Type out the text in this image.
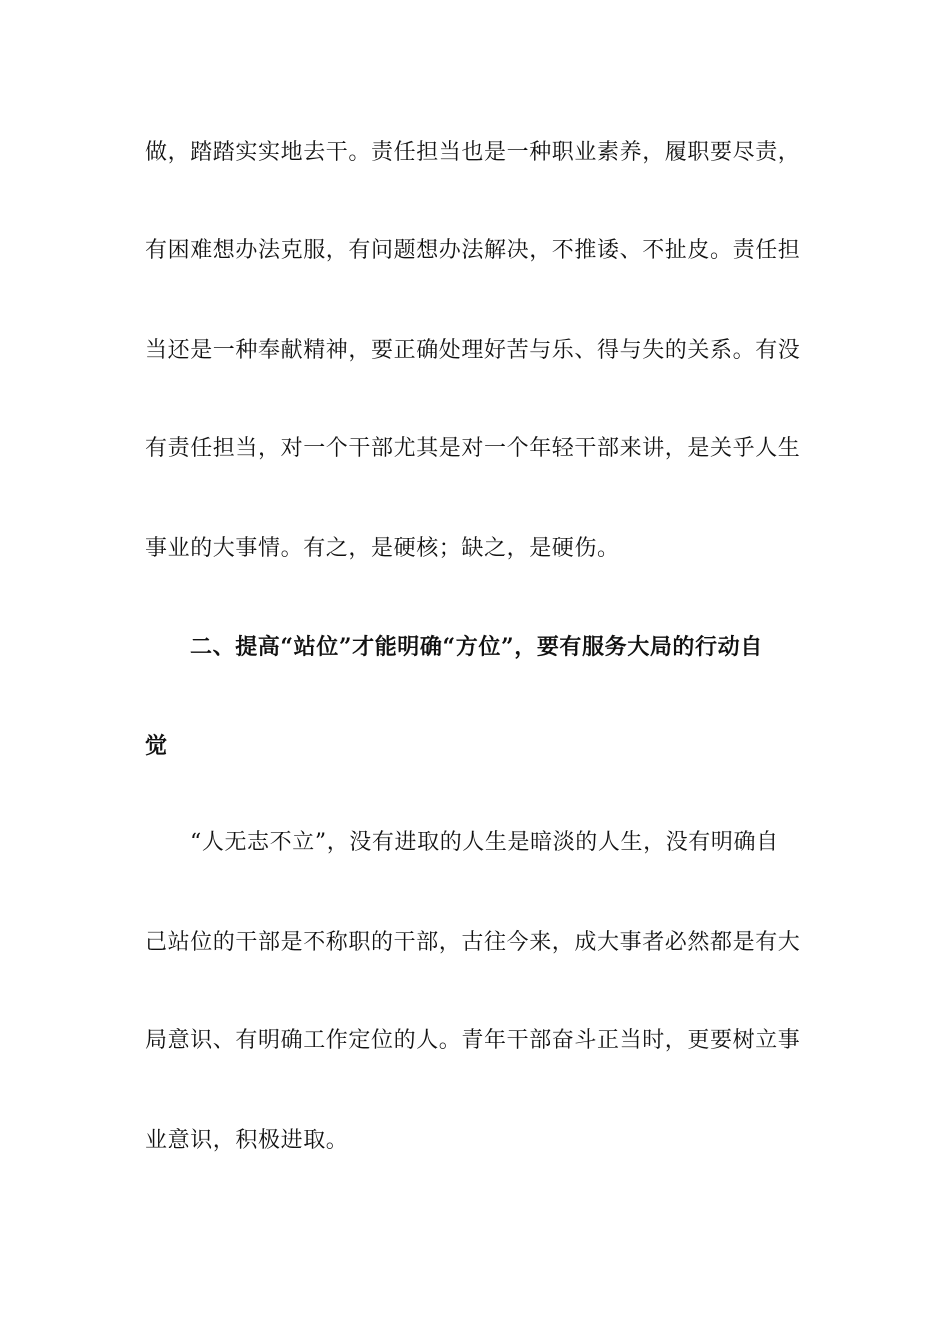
做，踏踏实实地去干。责任担当也是一种职业素养，履职要尽责，
有困难想办法克服，有问题想办法解决，不推诿、不扯皮。责任担
当还是一种奉献精神，要正确处理好苦与乐、得与失的关系。有没
有责任担当，对一个干部尤其是对一个年轻干部来讲，是关乎人生
事业的大事情。有之，是硬核；缺之，是硬伤。
二、提高“站位”才能明确“方位”，要有服务大局的行动自
觉
“人无志不立”，没有进取的人生是暗淡的人生，没有明确自
己站位的干部是不称职的干部，古往今来，成大事者必然都是有大
局意识、有明确工作定位的人。青年干部奋斗正当时，更要树立事
业意识，积极进取。
